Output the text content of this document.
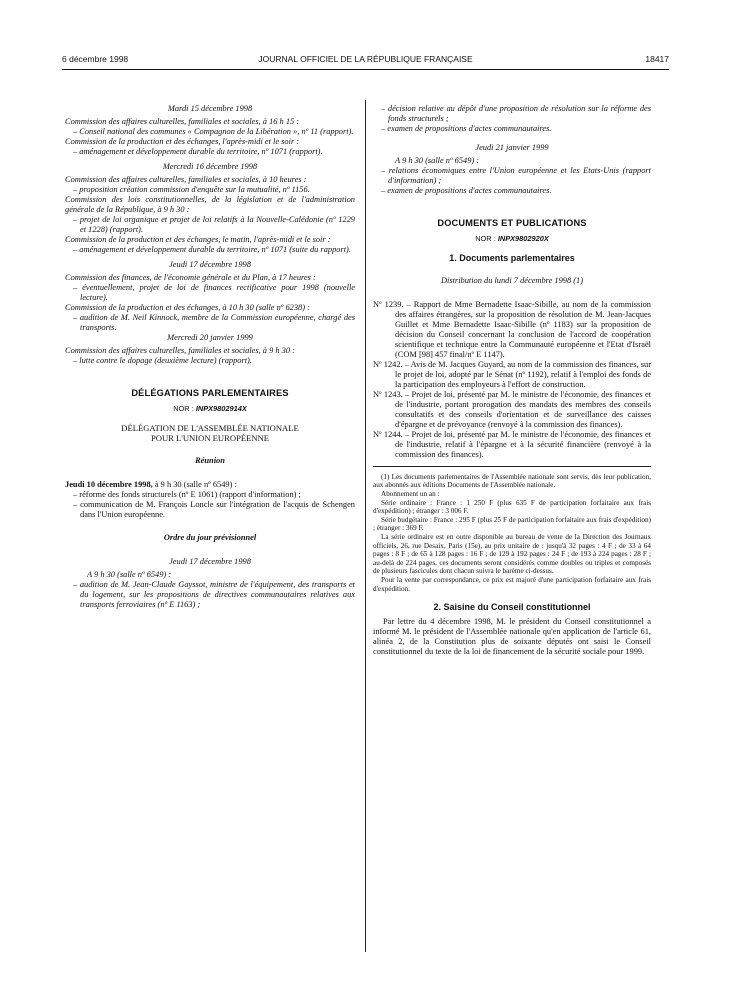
6 décembre 1998	JOURNAL OFFICIEL DE LA RÉPUBLIQUE FRANÇAISE	18417

Mardi 15 décembre 1998

Commission des affaires culturelles, familiales et sociales, à 16 h 15 :

– Conseil national des communes « Compagnon de la Libération », nº 11 (rapport).

Commission de la production et des échanges, l'après-midi et le soir :

– aménagement et développement durable du territoire, nº 1071 (rapport).

Mercredi 16 décembre 1998

Commission des affaires culturelles, familiales et sociales, à 10 heures :

– proposition création commission d'enquête sur la mutualité, nº 1156.

Commission des lois constitutionnelles, de la législation et de l'administration générale de la République, à 9 h 30 :

– projet de loi organique et projet de loi relatifs à la Nouvelle-Calédonie (nº 1229 et 1228) (rapport).

Commission de la production et des échanges, le matin, l'après-midi et le soir :

– aménagement et développement durable du territoire, nº 1071 (suite du rapport).

Jeudi 17 décembre 1998

Commission des finances, de l'économie générale et du Plan, à 17 heures :

– éventuellement, projet de loi de finances rectificative pour 1998 (nouvelle lecture).

Commission de la production et des échanges, à 10 h 30 (salle nº 6238) :

– audition de M. Neil Kinnock, membre de la Commission européenne, chargé des transports.

Mercredi 20 janvier 1999

Commission des affaires culturelles, familiales et sociales, à 9 h 30 :

– lutte contre le dopage (deuxième lecture) (rapport).

DÉLÉGATIONS PARLEMENTAIRES

NOR : INPX9802914X

DÉLÉGATION DE L'ASSEMBLÉE NATIONALE

POUR L'UNION EUROPÉENNE

Réunion

Jeudi 10 décembre 1998, à 9 h 30 (salle nº 6549) :

– réforme des fonds structurels (nº E 1061) (rapport d'information) ;

– communication de M. François Loncle sur l'intégration de l'acquis de Schengen dans l'Union européenne.

Ordre du jour prévisionnel

Jeudi 17 décembre 1998

A 9 h 30 (salle nº 6549) :

– audition de M. Jean-Claude Gayssot, ministre de l'équipement, des transports et du logement, sur les propositions de directives communautaires relatives aux transports ferroviaires (nº E 1163) ;

– décision relative au dépôt d'une proposition de résolution sur la réforme des fonds structurels ;

– examen de propositions d'actes communautaires.

Jeudi 21 janvier 1999

A 9 h 30 (salle nº 6549) :

– relations économiques entre l'Union européenne et les Etats-Unis (rapport d'information) ;

– examen de propositions d'actes communautaires.

DOCUMENTS ET PUBLICATIONS

NOR : INPX9802920X

1. Documents parlementaires

Distribution du lundi 7 décembre 1998 (1)

Nº 1239. – Rapport de Mme Bernadette Isaac-Sibille, au nom de la commission des affaires étrangères, sur la proposition de résolution de M. Jean-Jacques Guillet et Mme Bernadette Isaac-Sibille (nº 1183) sur la proposition de décision du Conseil concernant la conclusion de l'accord de coopération scientifique et technique entre la Communauté européenne et l'Etat d'Israël (COM [98] 457 final/nº E 1147).

Nº 1242. – Avis de M. Jacques Guyard, au nom de la commission des finances, sur le projet de loi, adopté par le Sénat (nº 1192), relatif à l'emploi des fonds de la participation des employeurs à l'effort de construction.

Nº 1243. – Projet de loi, présenté par M. le ministre de l'économie, des finances et de l'industrie, portant prorogation des mandats des membres des conseils consultatifs et des conseils d'orientation et de surveillance des caisses d'épargne et de prévoyance (renvoyé à la commission des finances).

Nº 1244. – Projet de loi, présenté par M. le ministre de l'économie, des finances et de l'industrie, relatif à l'épargne et à la sécurité financière (renvoyé à la commission des finances).

(1) Les documents parlementaires de l'Assemblée nationale sont servis, dès leur publication, aux abonnés aux éditions Documents de l'Assemblée nationale.

Abonnement un an :

Série ordinaire : France : 1 250 F (plus 635 F de participation forfaitaire aux frais d'expédition) ; étranger : 3 006 F.

Série budgétaire : France : 295 F (plus 25 F de participation forfaitaire aux frais d'expédition) ; étranger : 369 F.

La série ordinaire est en outre disponible au bureau de vente de la Direction des Journaux officiels, 26, rue Desaix, Paris (15e), au prix unitaire de : jusqu'à 32 pages : 4 F ; de 33 à 64 pages : 8 F ; de 65 à 128 pages : 16 F ; de 129 à 192 pages : 24 F ; de 193 à 224 pages : 28 F ; au-delà de 224 pages, ces documents seront considérés comme doubles ou triples et composés de plusieurs fascicules dont chacun suivra le barème ci-dessus.

Pour la vente par correspondance, ce prix est majoré d'une participation forfaitaire aux frais d'expédition.

2. Saisine du Conseil constitutionnel

Par lettre du 4 décembre 1998, M. le président du Conseil constitutionnel a informé M. le président de l'Assemblée nationale qu'en application de l'article 61, alinéa 2, de la Constitution plus de soixante députés ont saisi le Conseil constitutionnel du texte de la loi de financement de la sécurité sociale pour 1999.
